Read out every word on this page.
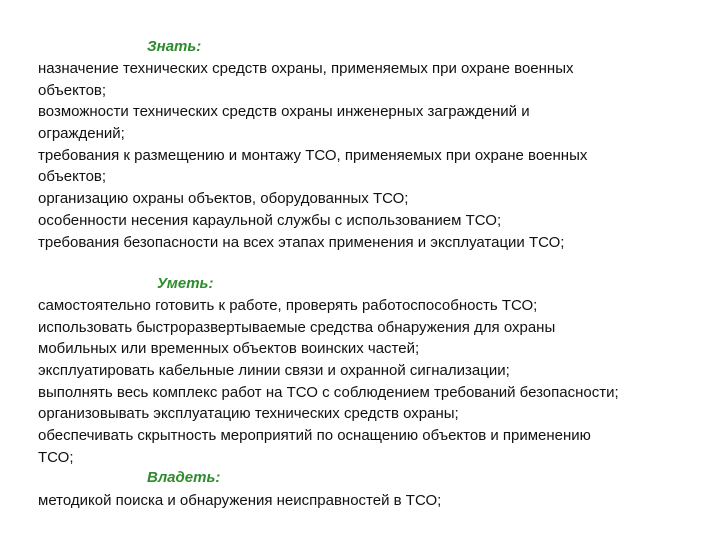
Знать:
назначение технических средств охраны, применяемых при охране военных
объектов;
возможности технических средств охраны инженерных заграждений и
ограждений;
требования к размещению и монтажу ТСО, применяемых при охране военных
объектов;
организацию охраны объектов, оборудованных ТСО;
особенности несения караульной службы с использованием ТСО;
требования безопасности на всех этапах применения и эксплуатации ТСО;
Уметь:
самостоятельно готовить к работе, проверять работоспособность ТСО;
использовать быстроразвертываемые средства обнаружения для охраны
мобильных или временных объектов воинских частей;
эксплуатировать кабельные линии связи и охранной сигнализации;
выполнять весь комплекс работ на ТСО с соблюдением требований безопасности;
организовывать эксплуатацию технических средств охраны;
обеспечивать скрытность мероприятий по оснащению объектов и применению
ТСО;
Владеть:
методикой поиска и обнаружения неисправностей в ТСО;
